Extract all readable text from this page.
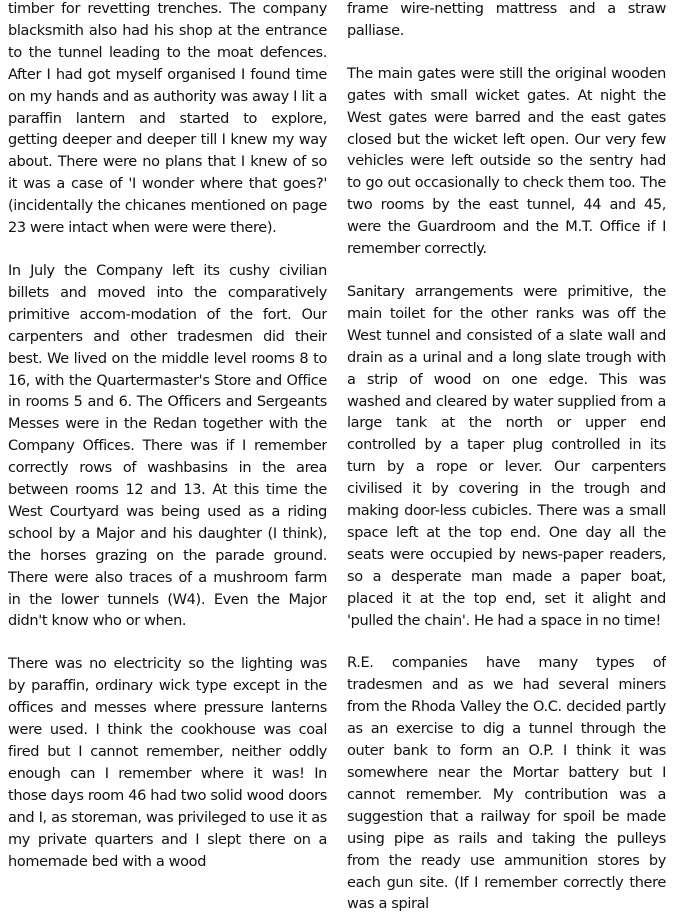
timber for revetting trenches. The company blacksmith also had his shop at the entrance to the tunnel leading to the moat defences. After I had got myself organised I found time on my hands and as authority was away I lit a paraffin lantern and started to explore, getting deeper and deeper till I knew my way about. There were no plans that I knew of so it was a case of 'I wonder where that goes?' (incidentally the chicanes mentioned on page 23 were intact when were were there).

In July the Company left its cushy civilian billets and moved into the comparatively primitive accom-modation of the fort. Our carpenters and other tradesmen did their best. We lived on the middle level rooms 8 to 16, with the Quartermaster's Store and Office in rooms 5 and 6. The Officers and Sergeants Messes were in the Redan together with the Company Offices. There was if I remember correctly rows of washbasins in the area between rooms 12 and 13. At this time the West Courtyard was being used as a riding school by a Major and his daughter (I think), the horses grazing on the parade ground. There were also traces of a mushroom farm in the lower tunnels (W4). Even the Major didn't know who or when.

There was no electricity so the lighting was by paraffin, ordinary wick type except in the offices and messes where pressure lanterns were used. I think the cookhouse was coal fired but I cannot remember, neither oddly enough can I remember where it was! In those days room 46 had two solid wood doors and I, as storeman, was privileged to use it as my private quarters and I slept there on a homemade bed with a wood

frame wire-netting mattress and a straw palliase.

The main gates were still the original wooden gates with small wicket gates. At night the West gates were barred and the east gates closed but the wicket left open. Our very few vehicles were left outside so the sentry had to go out occasionally to check them too. The two rooms by the east tunnel, 44 and 45, were the Guardroom and the M.T. Office if I remember correctly.

Sanitary arrangements were primitive, the main toilet for the other ranks was off the West tunnel and consisted of a slate wall and drain as a urinal and a long slate trough with a strip of wood on one edge. This was washed and cleared by water supplied from a large tank at the north or upper end controlled by a taper plug controlled in its turn by a rope or lever. Our carpenters civilised it by covering in the trough and making door-less cubicles. There was a small space left at the top end. One day all the seats were occupied by news-paper readers, so a desperate man made a paper boat, placed it at the top end, set it alight and 'pulled the chain'. He had a space in no time!

R.E. companies have many types of tradesmen and as we had several miners from the Rhoda Valley the O.C. decided partly as an exercise to dig a tunnel through the outer bank to form an O.P. I think it was somewhere near the Mortar battery but I cannot remember. My contribution was a suggestion that a railway for spoil be made using pipe as rails and taking the pulleys from the ready use ammunition stores by each gun site. (If I remember correctly there was a spiral
